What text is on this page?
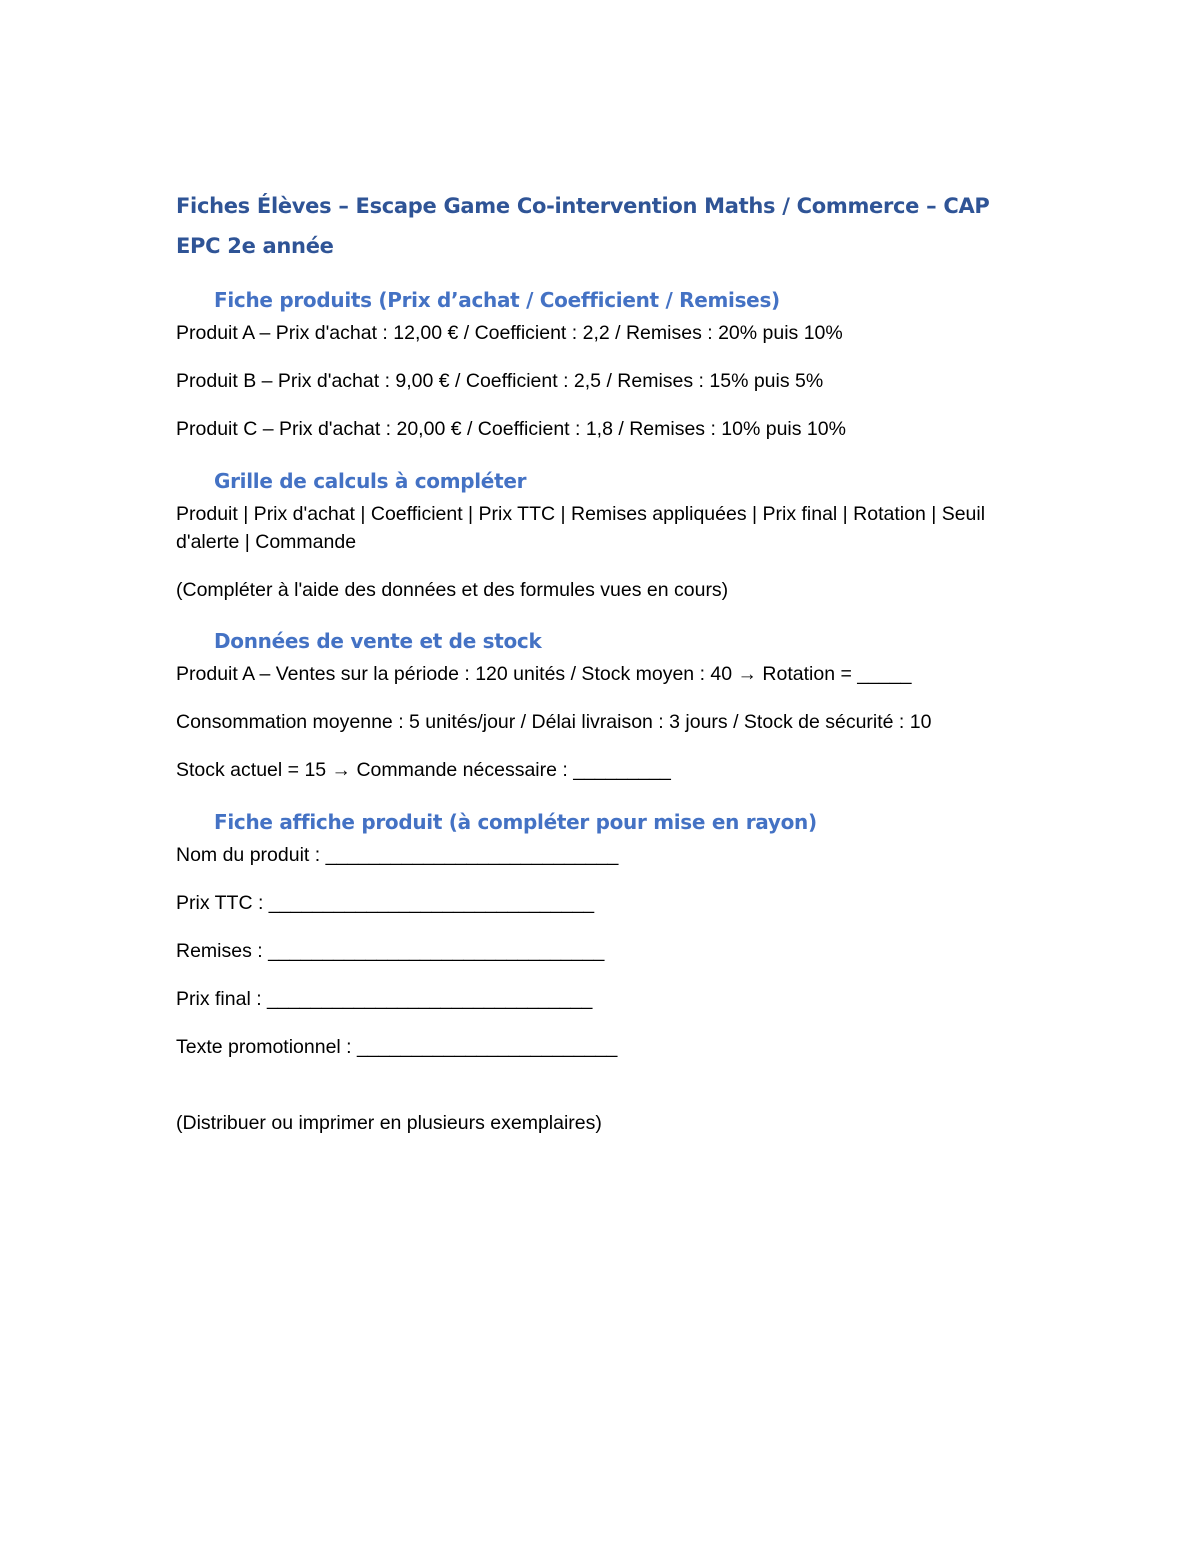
Fiches Élèves – Escape Game Co-intervention Maths / Commerce – CAP EPC 2e année
Fiche produits (Prix d’achat / Coefficient / Remises)
Produit A – Prix d'achat : 12,00 € / Coefficient : 2,2 / Remises : 20% puis 10%
Produit B – Prix d'achat : 9,00 € / Coefficient : 2,5 / Remises : 15% puis 5%
Produit C – Prix d'achat : 20,00 € / Coefficient : 1,8 / Remises : 10% puis 10%
Grille de calculs à compléter
Produit | Prix d'achat | Coefficient | Prix TTC | Remises appliquées | Prix final | Rotation | Seuil d'alerte | Commande
(Compléter à l'aide des données et des formules vues en cours)
Données de vente et de stock
Produit A – Ventes sur la période : 120 unités / Stock moyen : 40 → Rotation = _____
Consommation moyenne : 5 unités/jour / Délai livraison : 3 jours / Stock de sécurité : 10
Stock actuel = 15 → Commande nécessaire : _________
Fiche affiche produit (à compléter pour mise en rayon)
Nom du produit : ___________________________
Prix TTC : ______________________________
Remises : _______________________________
Prix final : ______________________________
Texte promotionnel : ________________________
(Distribuer ou imprimer en plusieurs exemplaires)
